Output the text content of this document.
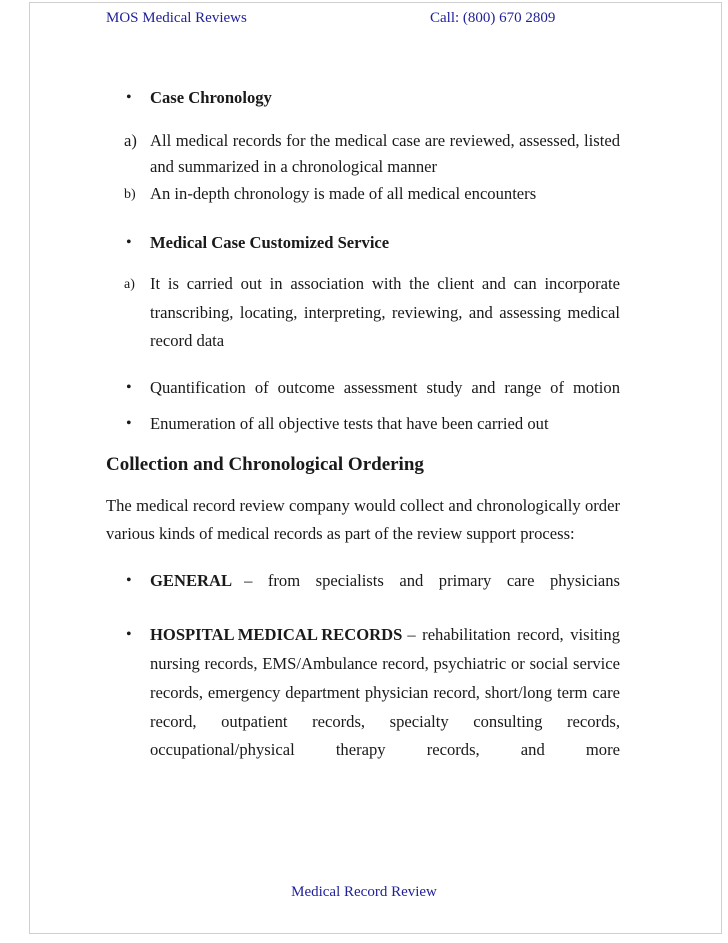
MOS Medical Reviews	Call: (800) 670 2809
• Case Chronology
a) All medical records for the medical case are reviewed, assessed, listed
and summarized in a chronological manner
b) An in-depth chronology is made of all medical encounters
• Medical Case Customized Service
a) It is carried out in association with the client and can incorporate
transcribing, locating, interpreting, reviewing, and assessing medical
record data
• Quantification of outcome assessment study and range of motion
• Enumeration of all objective tests that have been carried out
Collection and Chronological Ordering
The medical record review company would collect and chronologically order
various kinds of medical records as part of the review support process:
• GENERAL – from specialists and primary care physicians
• HOSPITAL MEDICAL RECORDS – rehabilitation record, visiting
nursing records, EMS/Ambulance record, psychiatric or social service
records, emergency department physician record, short/long term care
record, outpatient records, specialty consulting records,
occupational/physical therapy records, and more
Medical Record Review
